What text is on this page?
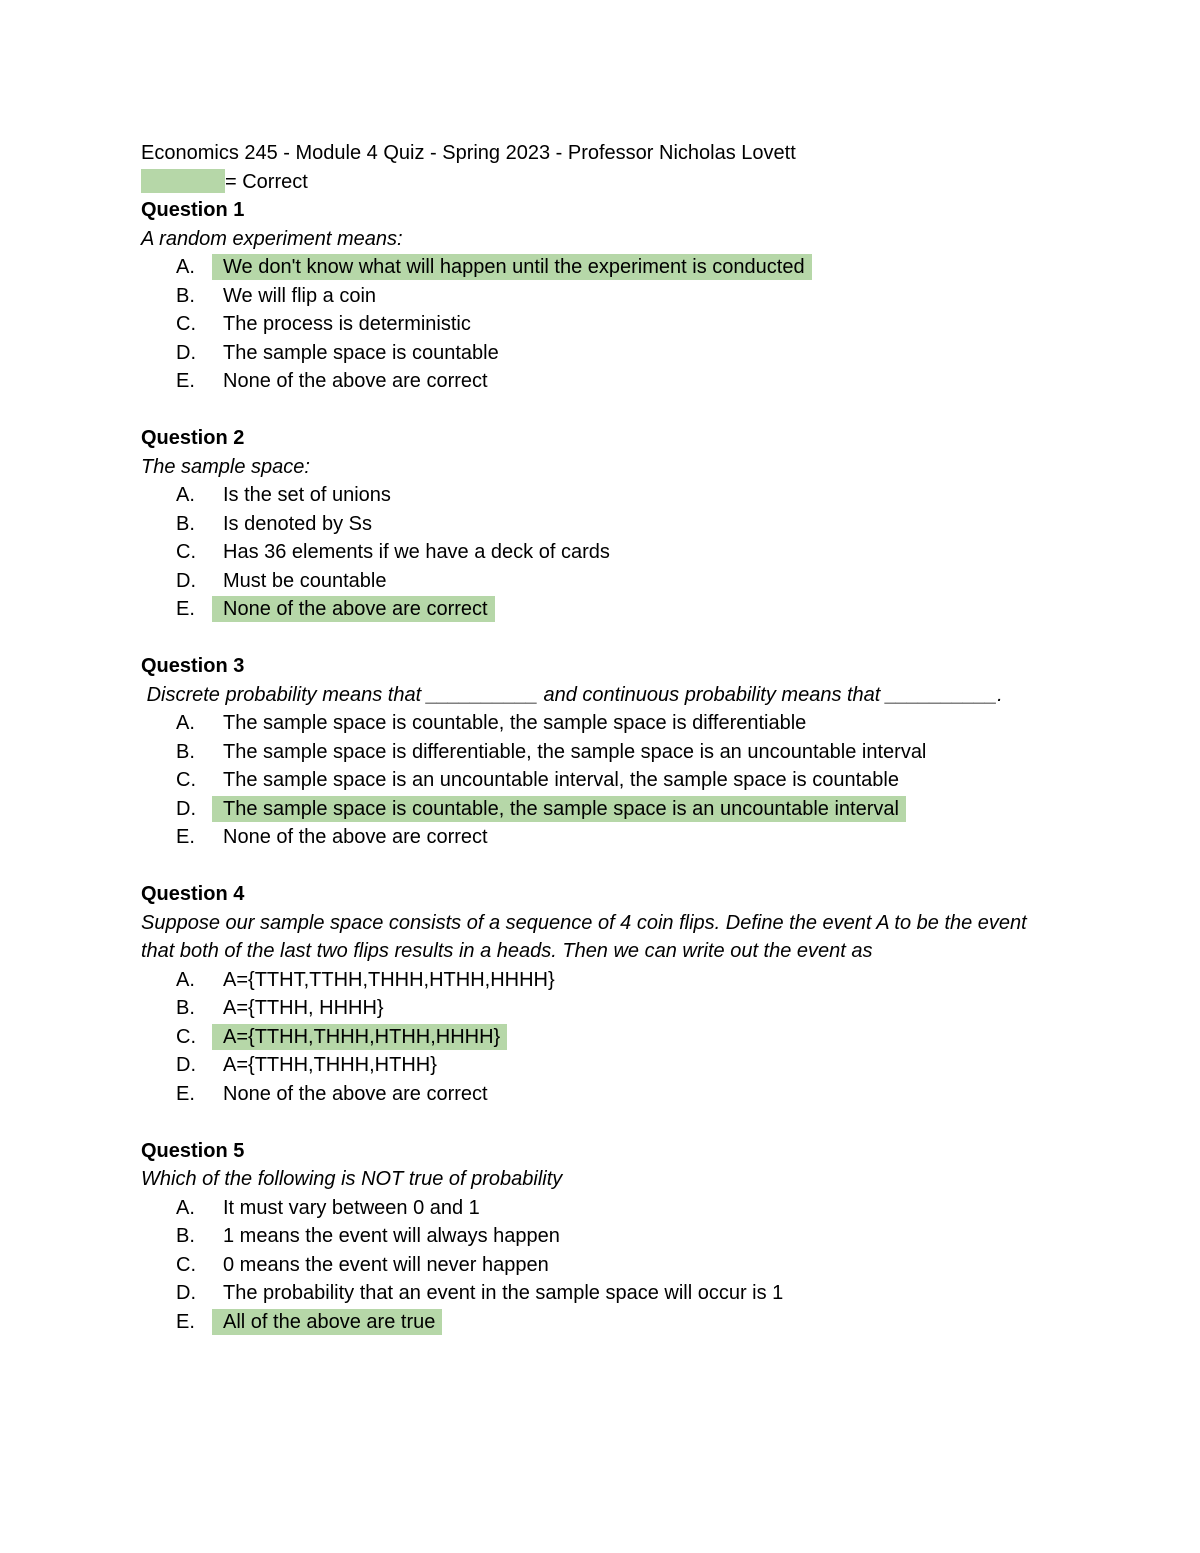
Economics 245 - Module 4 Quiz - Spring 2023 - Professor Nicholas Lovett
= Correct
Question 1
A random experiment means:
A.	We don't know what will happen until the experiment is conducted
B.	We will flip a coin
C.	The process is deterministic
D.	The sample space is countable
E.	None of the above are correct
Question 2
The sample space:
A.	Is the set of unions
B.	Is denoted by Ss
C.	Has 36 elements if we have a deck of cards
D.	Must be countable
E.	None of the above are correct
Question 3
Discrete probability means that __________ and continuous probability means that __________.
A.	The sample space is countable, the sample space is differentiable
B.	The sample space is differentiable, the sample space is an uncountable interval
C.	The sample space is an uncountable interval, the sample space is countable
D.	The sample space is countable, the sample space is an uncountable interval
E.	None of the above are correct
Question 4
Suppose our sample space consists of a sequence of 4 coin flips. Define the event A to be the event that both of the last two flips results in a heads. Then we can write out the event as
A.	A={TTHT,TTHH,THHH,HTHH,HHHH}
B.	A={TTHH, HHHH}
C.	A={TTHH,THHH,HTHH,HHHH}
D.	A={TTHH,THHH,HTHH}
E.	None of the above are correct
Question 5
Which of the following is NOT true of probability
A.	It must vary between 0 and 1
B.	1 means the event will always happen
C.	0 means the event will never happen
D.	The probability that an event in the sample space will occur is 1
E.	All of the above are true
